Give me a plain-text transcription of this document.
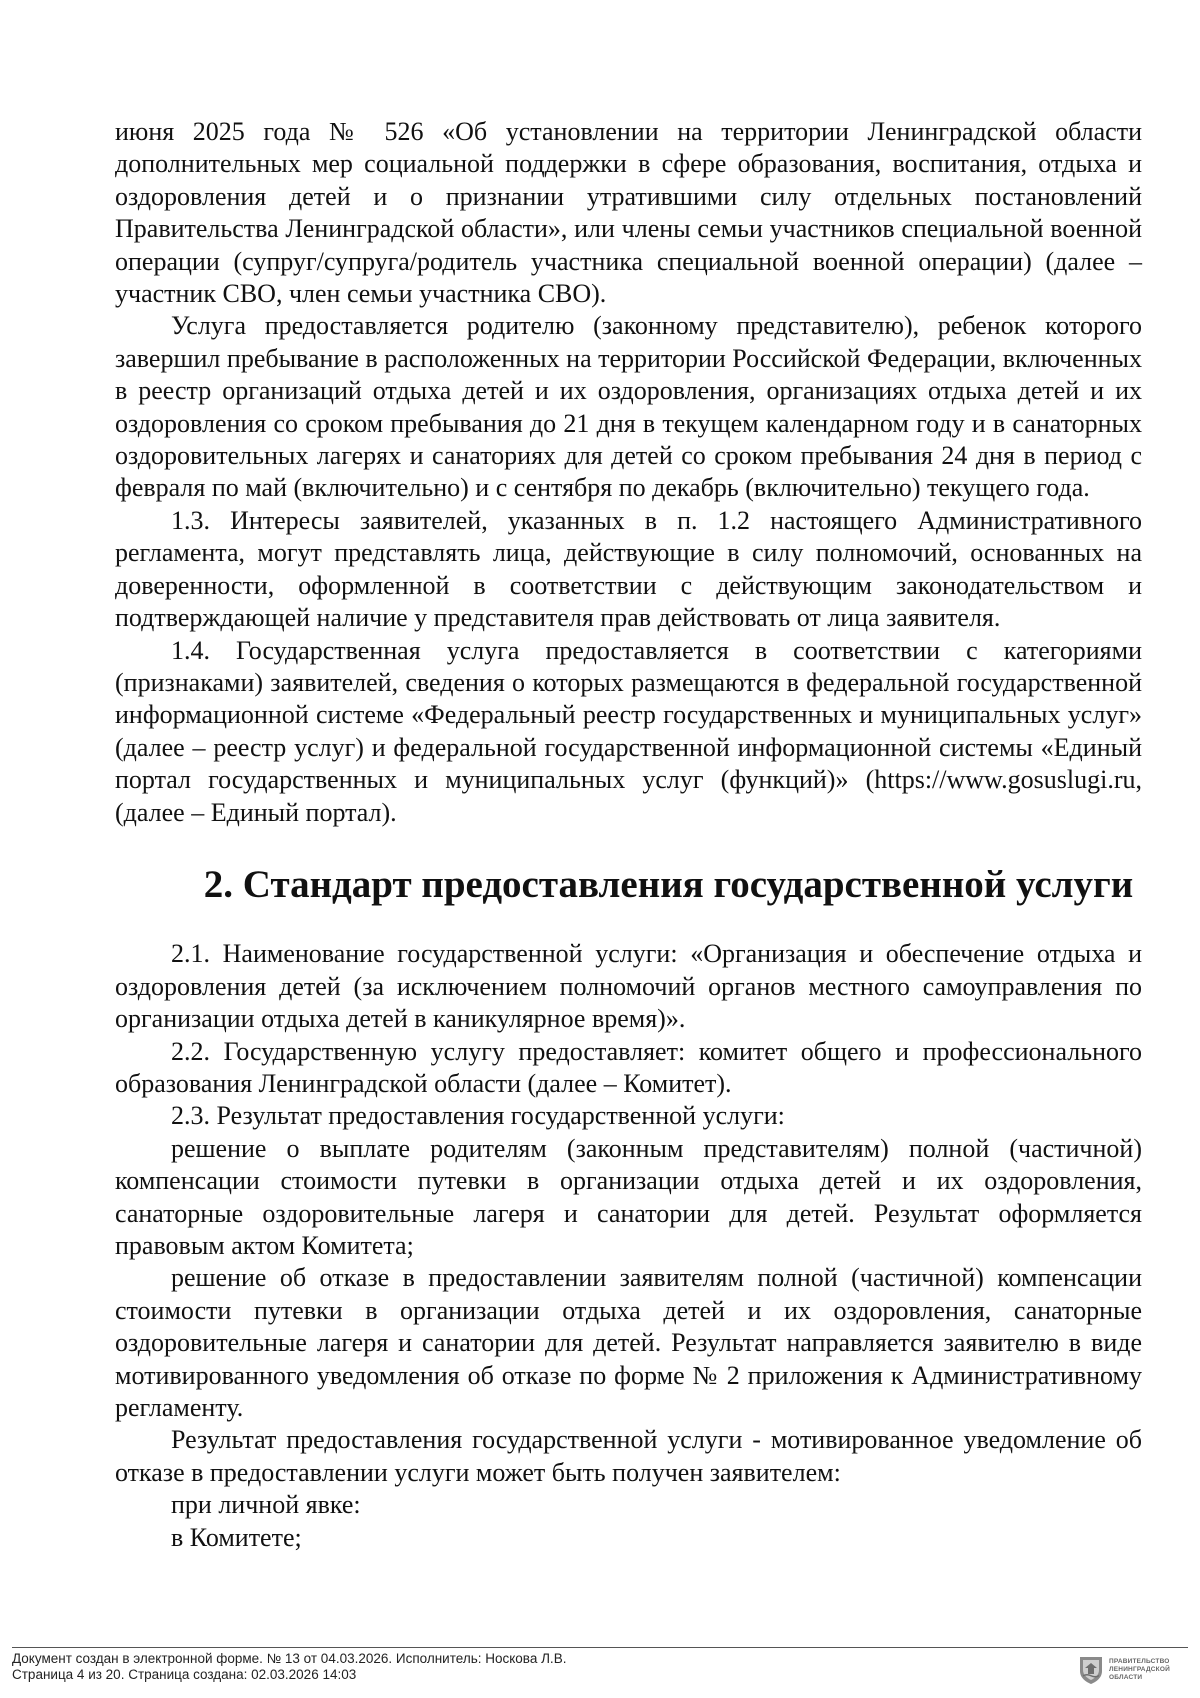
июня 2025 года № 526 «Об установлении на территории Ленинградской области дополнительных мер социальной поддержки в сфере образования, воспитания, отдыха и оздоровления детей и о признании утратившими силу отдельных постановлений Правительства Ленинградской области», или члены семьи участников специальной военной операции (супруг/супруга/родитель участника специальной военной операции) (далее – участник СВО, член семьи участника СВО).

Услуга предоставляется родителю (законному представителю), ребенок которого завершил пребывание в расположенных на территории Российской Федерации, включенных в реестр организаций отдыха детей и их оздоровления, организациях отдыха детей и их оздоровления со сроком пребывания до 21 дня в текущем календарном году и в санаторных оздоровительных лагерях и санаториях для детей со сроком пребывания 24 дня в период с февраля по май (включительно) и с сентября по декабрь (включительно) текущего года.

1.3. Интересы заявителей, указанных в п. 1.2 настоящего Административного регламента, могут представлять лица, действующие в силу полномочий, основанных на доверенности, оформленной в соответствии с действующим законодательством и подтверждающей наличие у представителя прав действовать от лица заявителя.

1.4. Государственная услуга предоставляется в соответствии с категориями (признаками) заявителей, сведения о которых размещаются в федеральной государственной информационной системе «Федеральный реестр государственных и муниципальных услуг» (далее – реестр услуг) и федеральной государственной информационной системы «Единый портал государственных и муниципальных услуг (функций)» (https://www.gosuslugi.ru, (далее – Единый портал).

2. Стандарт предоставления государственной услуги

2.1. Наименование государственной услуги: «Организация и обеспечение отдыха и оздоровления детей (за исключением полномочий органов местного самоуправления по организации отдыха детей в каникулярное время)».

2.2. Государственную услугу предоставляет: комитет общего и профессионального образования Ленинградской области (далее – Комитет).

2.3. Результат предоставления государственной услуги:

решение о выплате родителям (законным представителям) полной (частичной) компенсации стоимости путевки в организации отдыха детей и их оздоровления, санаторные оздоровительные лагеря и санатории для детей. Результат оформляется правовым актом Комитета;

решение об отказе в предоставлении заявителям полной (частичной) компенсации стоимости путевки в организации отдыха детей и их оздоровления, санаторные оздоровительные лагеря и санатории для детей. Результат направляется заявителю в виде мотивированного уведомления об отказе по форме № 2 приложения к Административному регламенту.

Результат предоставления государственной услуги - мотивированное уведомление об отказе в предоставлении услуги может быть получен заявителем:

при личной явке:

в Комитете;

Документ создан в электронной форме. № 13 от 04.03.2026. Исполнитель: Носкова Л.В.
Страница 4 из 20. Страница создана: 02.03.2026 14:03
ПРАВИТЕЛЬСТВО
ЛЕНИНГРАДСКОЙ
ОБЛАСТИ
